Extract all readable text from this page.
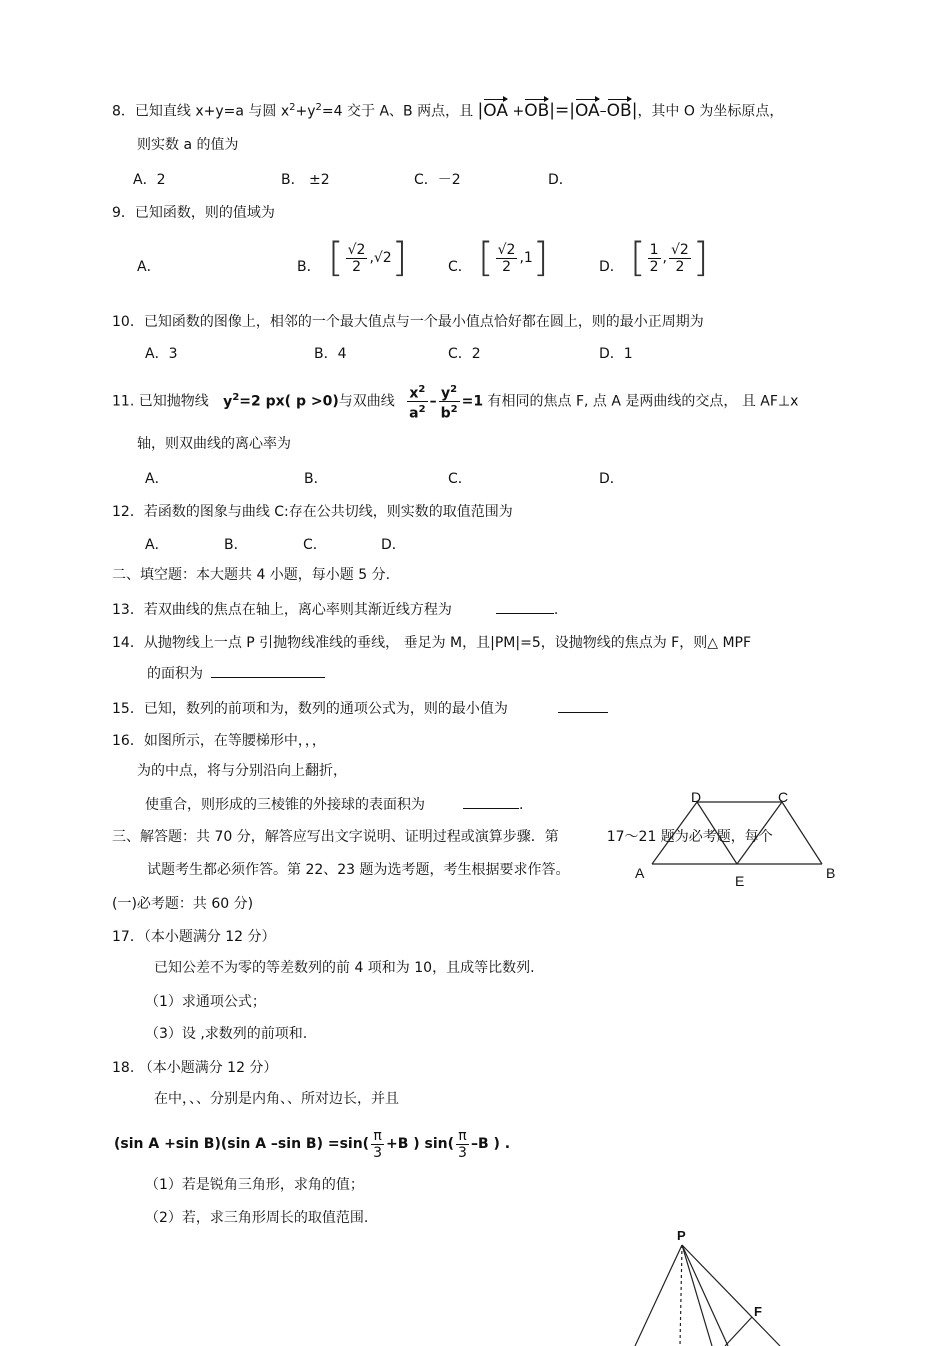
8．已知直线 x+y=a 与圆 $x^2+y^2=4$ 交于 A、B 两点，且 |OA +OB|=|OA–OB|，其中 O 为坐标原点，
则实数 a 的值为
A．2	B． ±2	C．－2	D．
9．已知函数，则的值域为
A．	B． [ $\frac{√2}{2} ,√2$]	C． [ $\frac{√2}{2} ,1$]	D． [ $\frac{1}{2}$ , $\frac{√2}{2}$ ]
10．已知函数的图像上，相邻的一个最大值点与一个最小值点恰好都在圆上，则的最小正周期为
A．3	B．4	C．2	D．1
11. 已知抛物线 $y^2=2$ px( p >0)与双曲线 $\frac{x^2}{a^2} - \frac{y^2}{b^2} =1$ 有相同的焦点 F, 点 A 是两曲线的交点， 且 AF⊥x
轴，则双曲线的离心率为
A．	B．	C．	D．
12．若函数的图象与曲线 C:存在公共切线，则实数的取值范围为
A．	B．	C．	D．
二、填空题：本大题共 4 小题，每小题 5 分.
13．若双曲线的焦点在轴上，离心率则其渐近线方程为	.
14．从抛物线上一点 P 引抛物线准线的垂线， 垂足为 M，且|PM|=5，设抛物线的焦点为 F，则△ MPF
的面积为
15．已知，数列的前项和为，数列的通项公式为，则的最小值为
16．如图所示，在等腰梯形中，，，
为的中点，将与分别沿向上翻折，
使重合，则形成的三棱锥的外接球的表面积为	.	D	C
A	E	B
三、解答题：共 70 分，解答应写出文字说明、证明过程或演算步骤．第	17～21 题为必考题，每个
试题考生都必须作答。第 22、23 题为选考题，考生根据要求作答。
(一)必考题：共 60 分)
17．（本小题满分 12 分）
已知公差不为零的等差数列的前 4 项和为 10，且成等比数列.
（1）求通项公式；
（3）设 ,求数列的前项和.
18. （本小题满分 12 分）
在中，、、分别是内角、、所对边长，并且
(sin A +sin B)(sin A –sin $B) =\sin( \frac{\pi}{3} +B$ ) $\sin( \frac{\pi}{3} -B$ ) .
（1）若是锐角三角形，求角的值；
（2）若，求三角形周长的取值范围.
P
F
